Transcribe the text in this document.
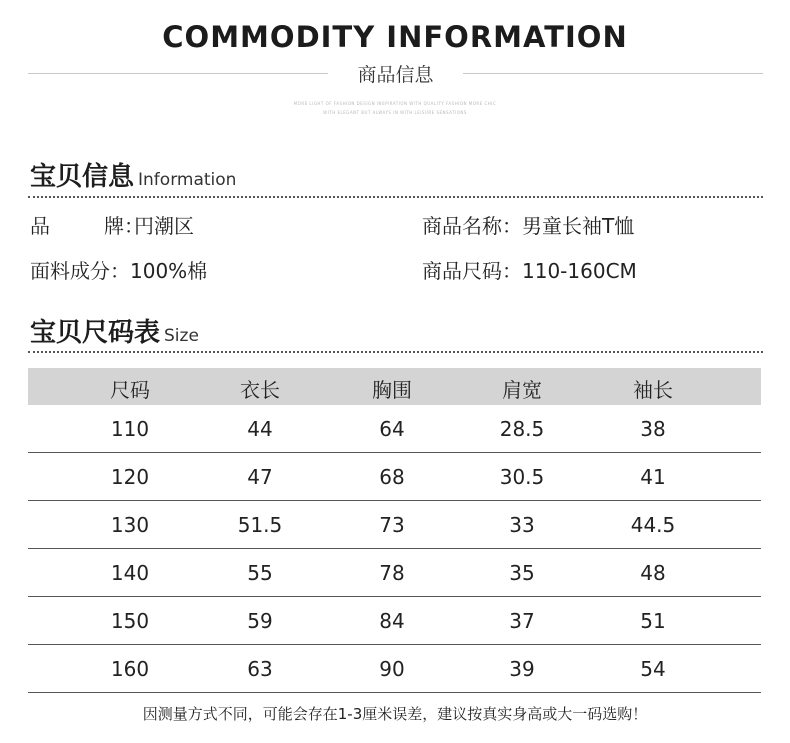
COMMODITY INFORMATION
商品信息
MORE LIGHT OF FASHION DESIGN INSPIRATION WITH QUALITY FASHION MORE CHIC
WITH ELEGANT BUT ALWAYS IN WITH LEISURE SENSATIONS
宝贝信息 Information
品	牌：円潮区	商品名称：男童长袖T恤
面料成分：100%棉	商品尺码：110-160CM
宝贝尺码表 Size
尺码	衣长	胸围	肩宽	袖长
110	44	64	28.5	38
120	47	68	30.5	41
130	51.5	73	33	44.5
140	55	78	35	48
150	59	84	37	51
160	63	90	39	54
因测量方式不同，可能会存在1-3厘米误差，建议按真实身高或大一码选购！
